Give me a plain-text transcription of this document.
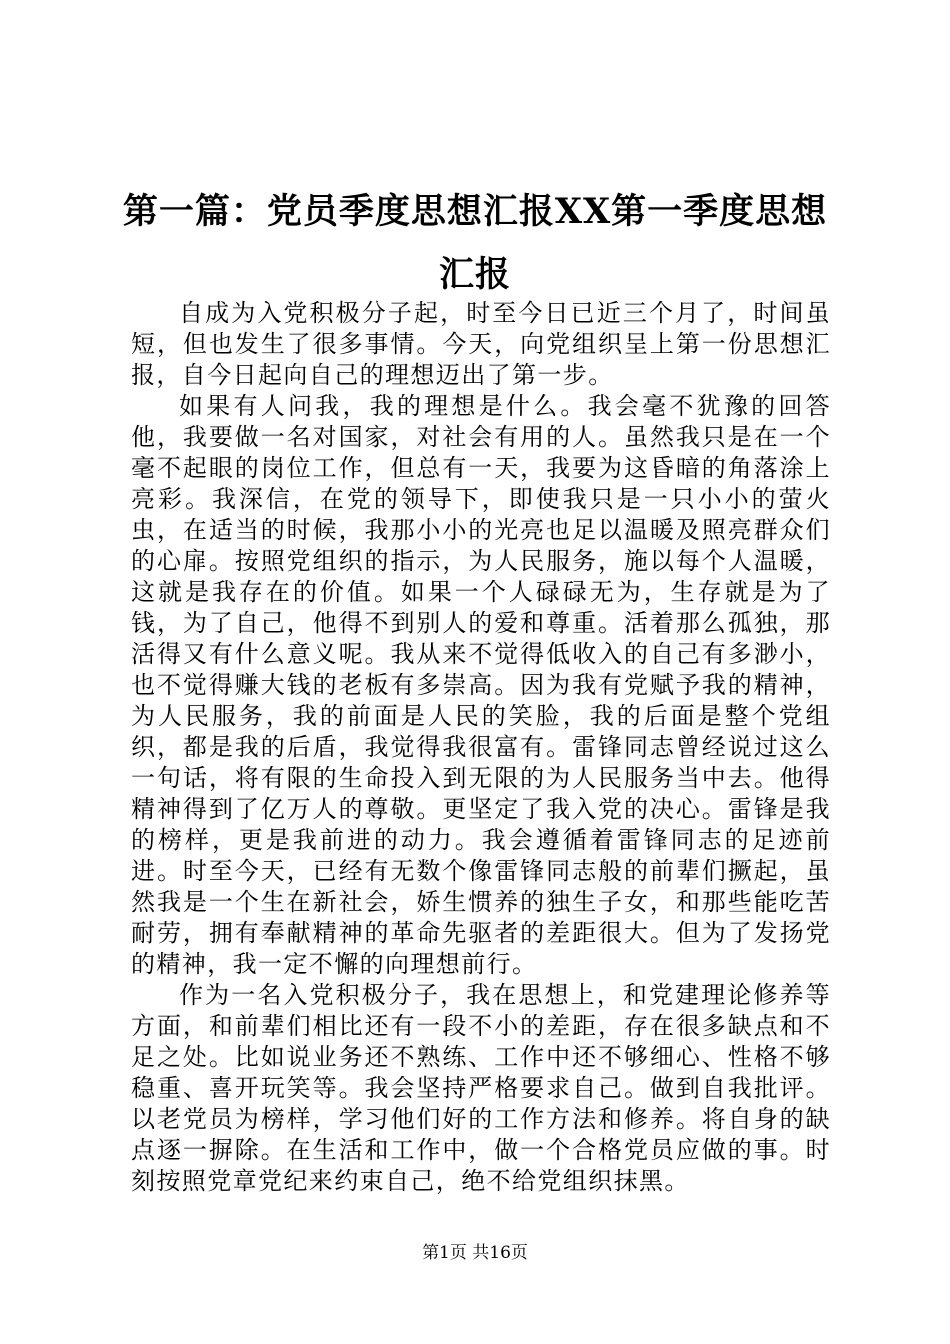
第一篇：党员季度思想汇报XX第一季度思想汇报

自成为入党积极分子起，时至今日已近三个月了，时间虽短，但也发生了很多事情。今天，向党组织呈上第一份思想汇报，自今日起向自己的理想迈出了第一步。

如果有人问我，我的理想是什么。我会毫不犹豫的回答他，我要做一名对国家，对社会有用的人。虽然我只是在一个毫不起眼的岗位工作，但总有一天，我要为这昏暗的角落涂上亮彩。我深信，在党的领导下，即使我只是一只小小的萤火虫，在适当的时候，我那小小的光亮也足以温暖及照亮群众们的心扉。按照党组织的指示，为人民服务，施以每个人温暖，这就是我存在的价值。如果一个人碌碌无为，生存就是为了钱，为了自己，他得不到别人的爱和尊重。活着那么孤独，那活得又有什么意义呢。我从来不觉得低收入的自己有多渺小，也不觉得赚大钱的老板有多崇高。因为我有党赋予我的精神，为人民服务，我的前面是人民的笑脸，我的后面是整个党组织，都是我的后盾，我觉得我很富有。雷锋同志曾经说过这么一句话，将有限的生命投入到无限的为人民服务当中去。他得精神得到了亿万人的尊敬。更坚定了我入党的决心。雷锋是我的榜样，更是我前进的动力。我会遵循着雷锋同志的足迹前进。时至今天，已经有无数个像雷锋同志般的前辈们撅起，虽然我是一个生在新社会，娇生惯养的独生子女，和那些能吃苦耐劳，拥有奉献精神的革命先驱者的差距很大。但为了发扬党的精神，我一定不懈的向理想前行。

作为一名入党积极分子，我在思想上，和党建理论修养等方面，和前辈们相比还有一段不小的差距，存在很多缺点和不足之处。比如说业务还不熟练、工作中还不够细心、性格不够稳重、喜开玩笑等。我会坚持严格要求自己。做到自我批评。以老党员为榜样，学习他们好的工作方法和修养。将自身的缺点逐一摒除。在生活和工作中，做一个合格党员应做的事。时刻按照党章党纪来约束自己，绝不给党组织抹黑。

第1页 共16页
